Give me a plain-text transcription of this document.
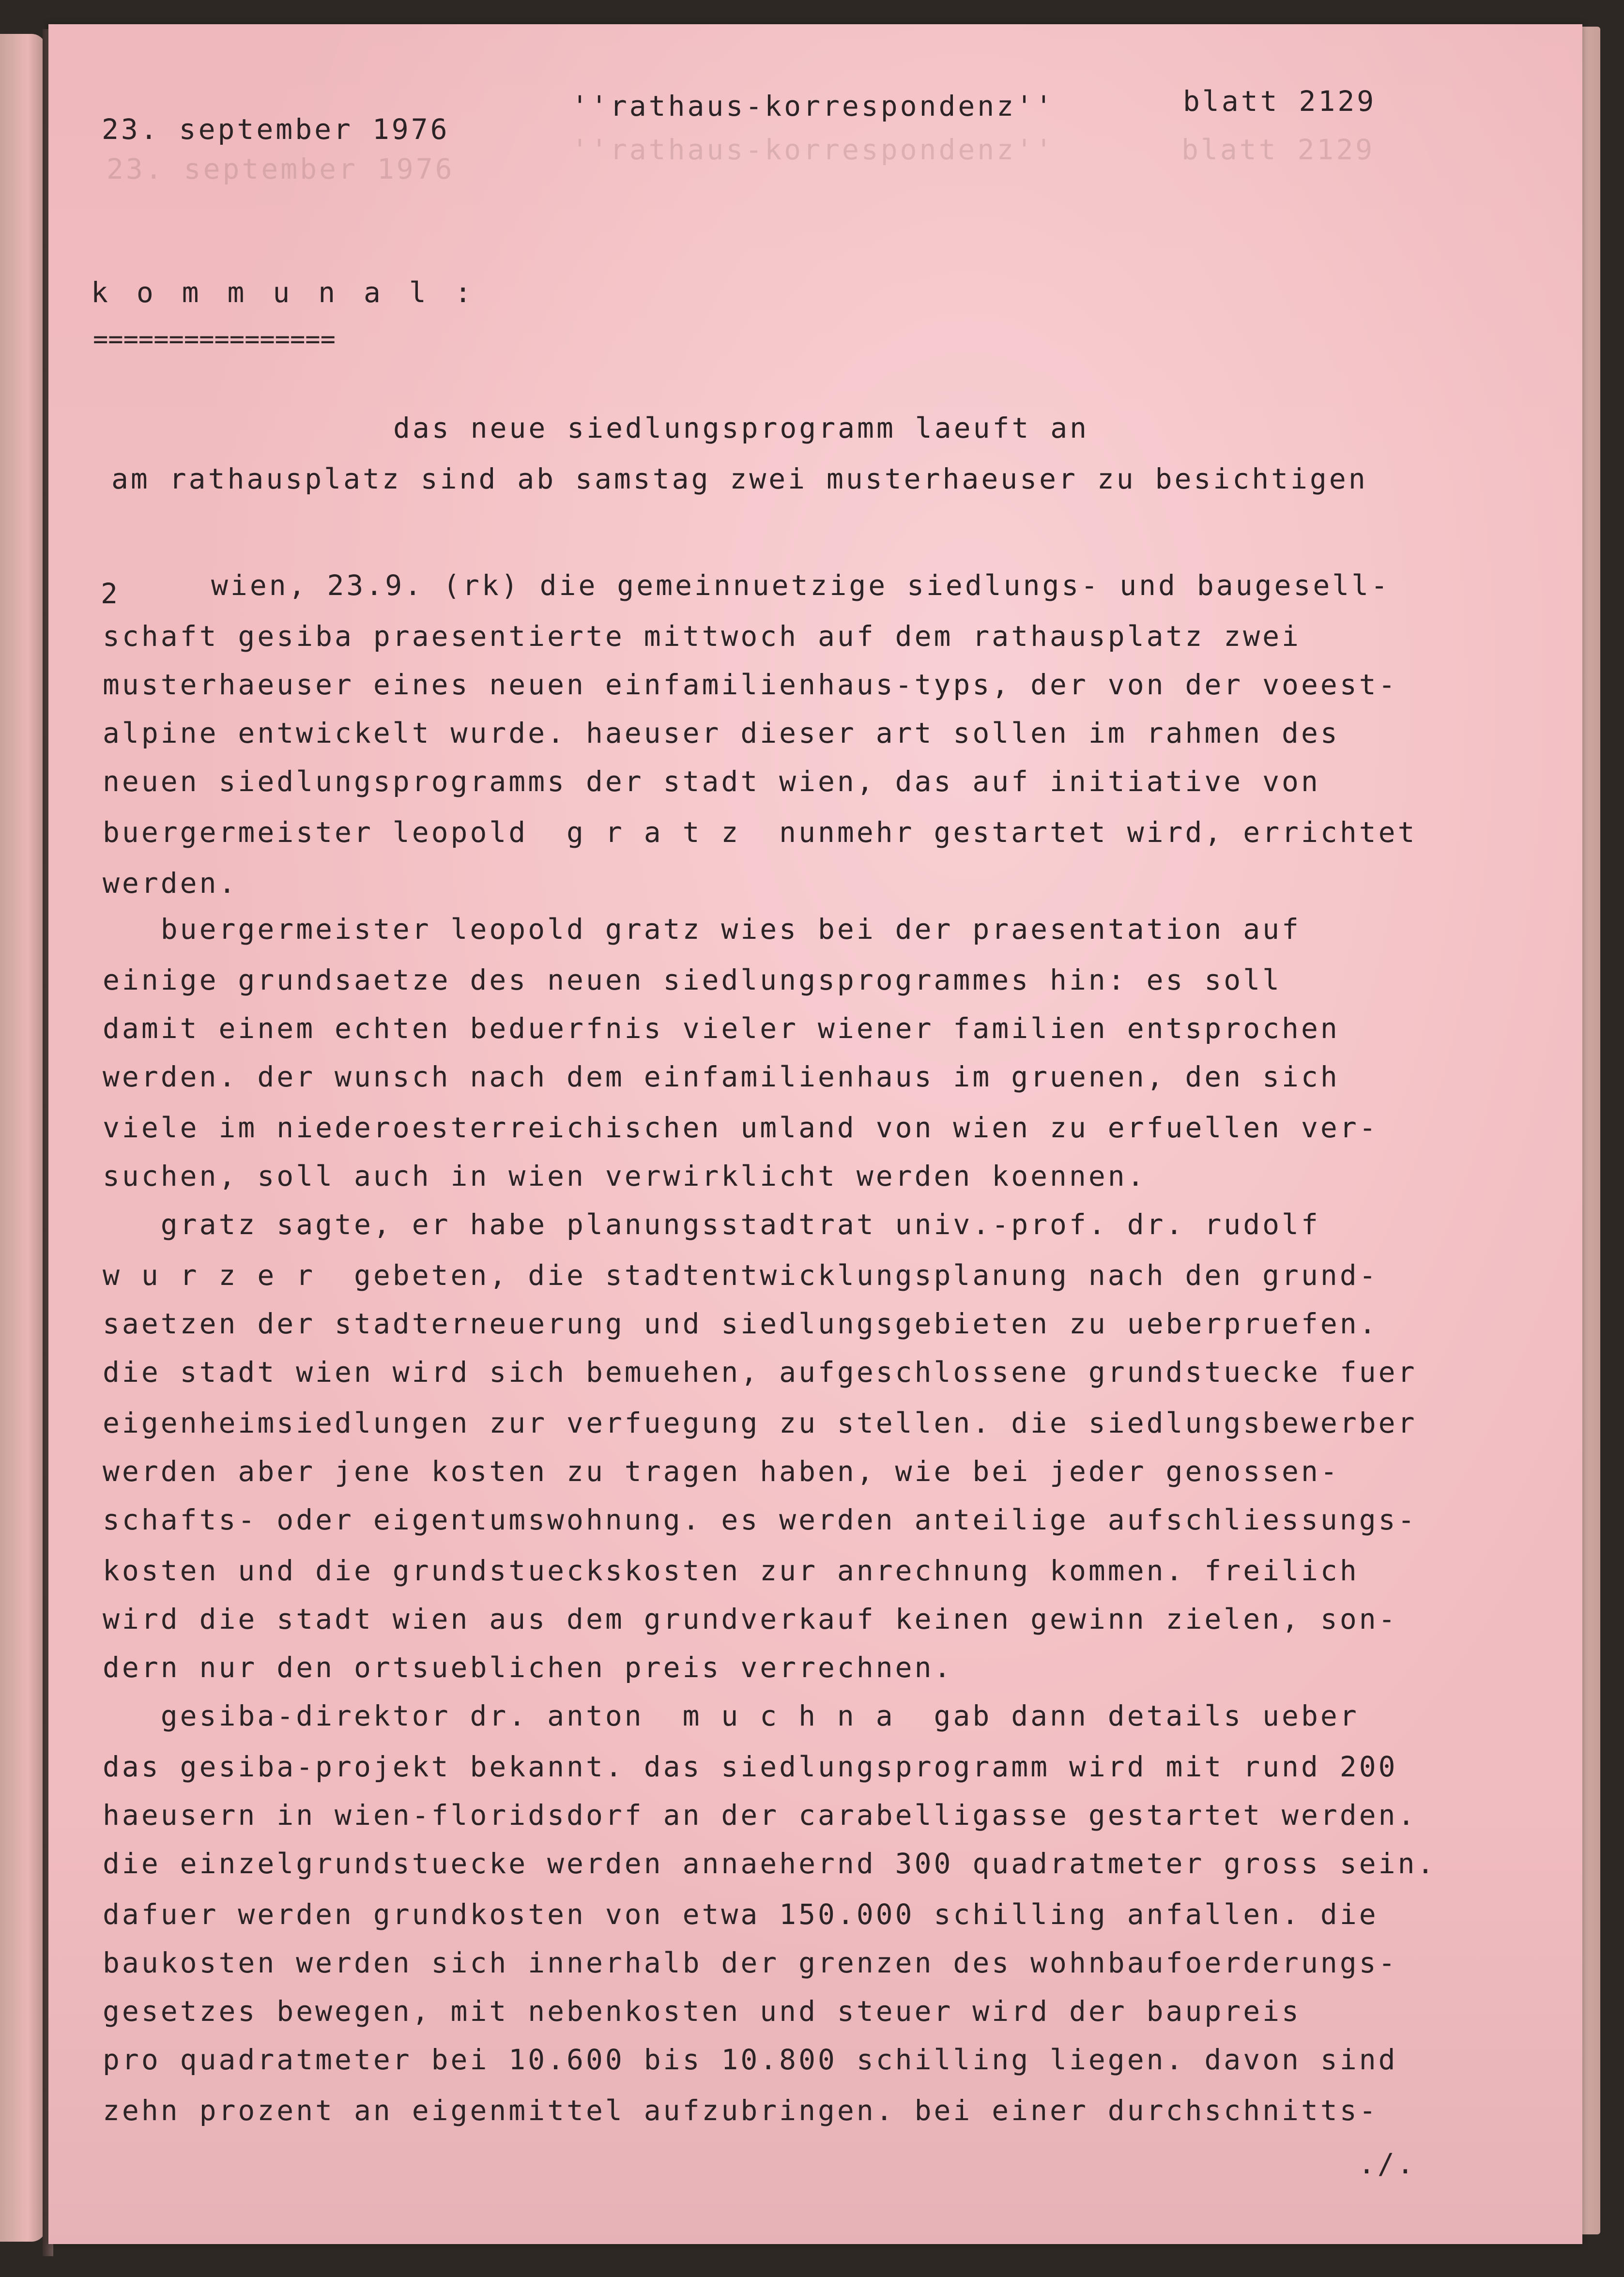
23. september 1976
''rathaus-korrespondenz''	blatt 2129
23. september 1976
''rathaus-korrespondenz''	blatt 2129
k o m m u n a l :
================
das neue siedlungsprogramm laeuft an
am rathausplatz sind ab samstag zwei musterhaeuser zu besichtigen
2	wien, 23.9. (rk) die gemeinnuetzige siedlungs- und baugesell-
schaft gesiba praesentierte mittwoch auf dem rathausplatz zwei
musterhaeuser eines neuen einfamilienhaus-typs, der von der voeest-
alpine entwickelt wurde. haeuser dieser art sollen im rahmen des
neuen siedlungsprogramms der stadt wien, das auf initiative von
buergermeister leopold  g r a t z  nunmehr gestartet wird, errichtet
werden.
buergermeister leopold gratz wies bei der praesentation auf
einige grundsaetze des neuen siedlungsprogrammes hin: es soll
damit einem echten beduerfnis vieler wiener familien entsprochen
werden. der wunsch nach dem einfamilienhaus im gruenen, den sich
viele im niederoesterreichischen umland von wien zu erfuellen ver-
suchen, soll auch in wien verwirklicht werden koennen.
gratz sagte, er habe planungsstadtrat univ.-prof. dr. rudolf
w u r z e r  gebeten, die stadtentwicklungsplanung nach den grund-
saetzen der stadterneuerung und siedlungsgebieten zu ueberpruefen.
die stadt wien wird sich bemuehen, aufgeschlossene grundstuecke fuer
eigenheimsiedlungen zur verfuegung zu stellen. die siedlungsbewerber
werden aber jene kosten zu tragen haben, wie bei jeder genossen-
schafts- oder eigentumswohnung. es werden anteilige aufschliessungs-
kosten und die grundstueckskosten zur anrechnung kommen. freilich
wird die stadt wien aus dem grundverkauf keinen gewinn zielen, son-
dern nur den ortsueblichen preis verrechnen.
gesiba-direktor dr. anton  m u c h n a  gab dann details ueber
das gesiba-projekt bekannt. das siedlungsprogramm wird mit rund 200
haeusern in wien-floridsdorf an der carabelligasse gestartet werden.
die einzelgrundstuecke werden annaehernd 300 quadratmeter gross sein.
dafuer werden grundkosten von etwa 150.000 schilling anfallen. die
baukosten werden sich innerhalb der grenzen des wohnbaufoerderungs-
gesetzes bewegen, mit nebenkosten und steuer wird der baupreis
pro quadratmeter bei 10.600 bis 10.800 schilling liegen. davon sind
zehn prozent an eigenmittel aufzubringen. bei einer durchschnitts-
./.
